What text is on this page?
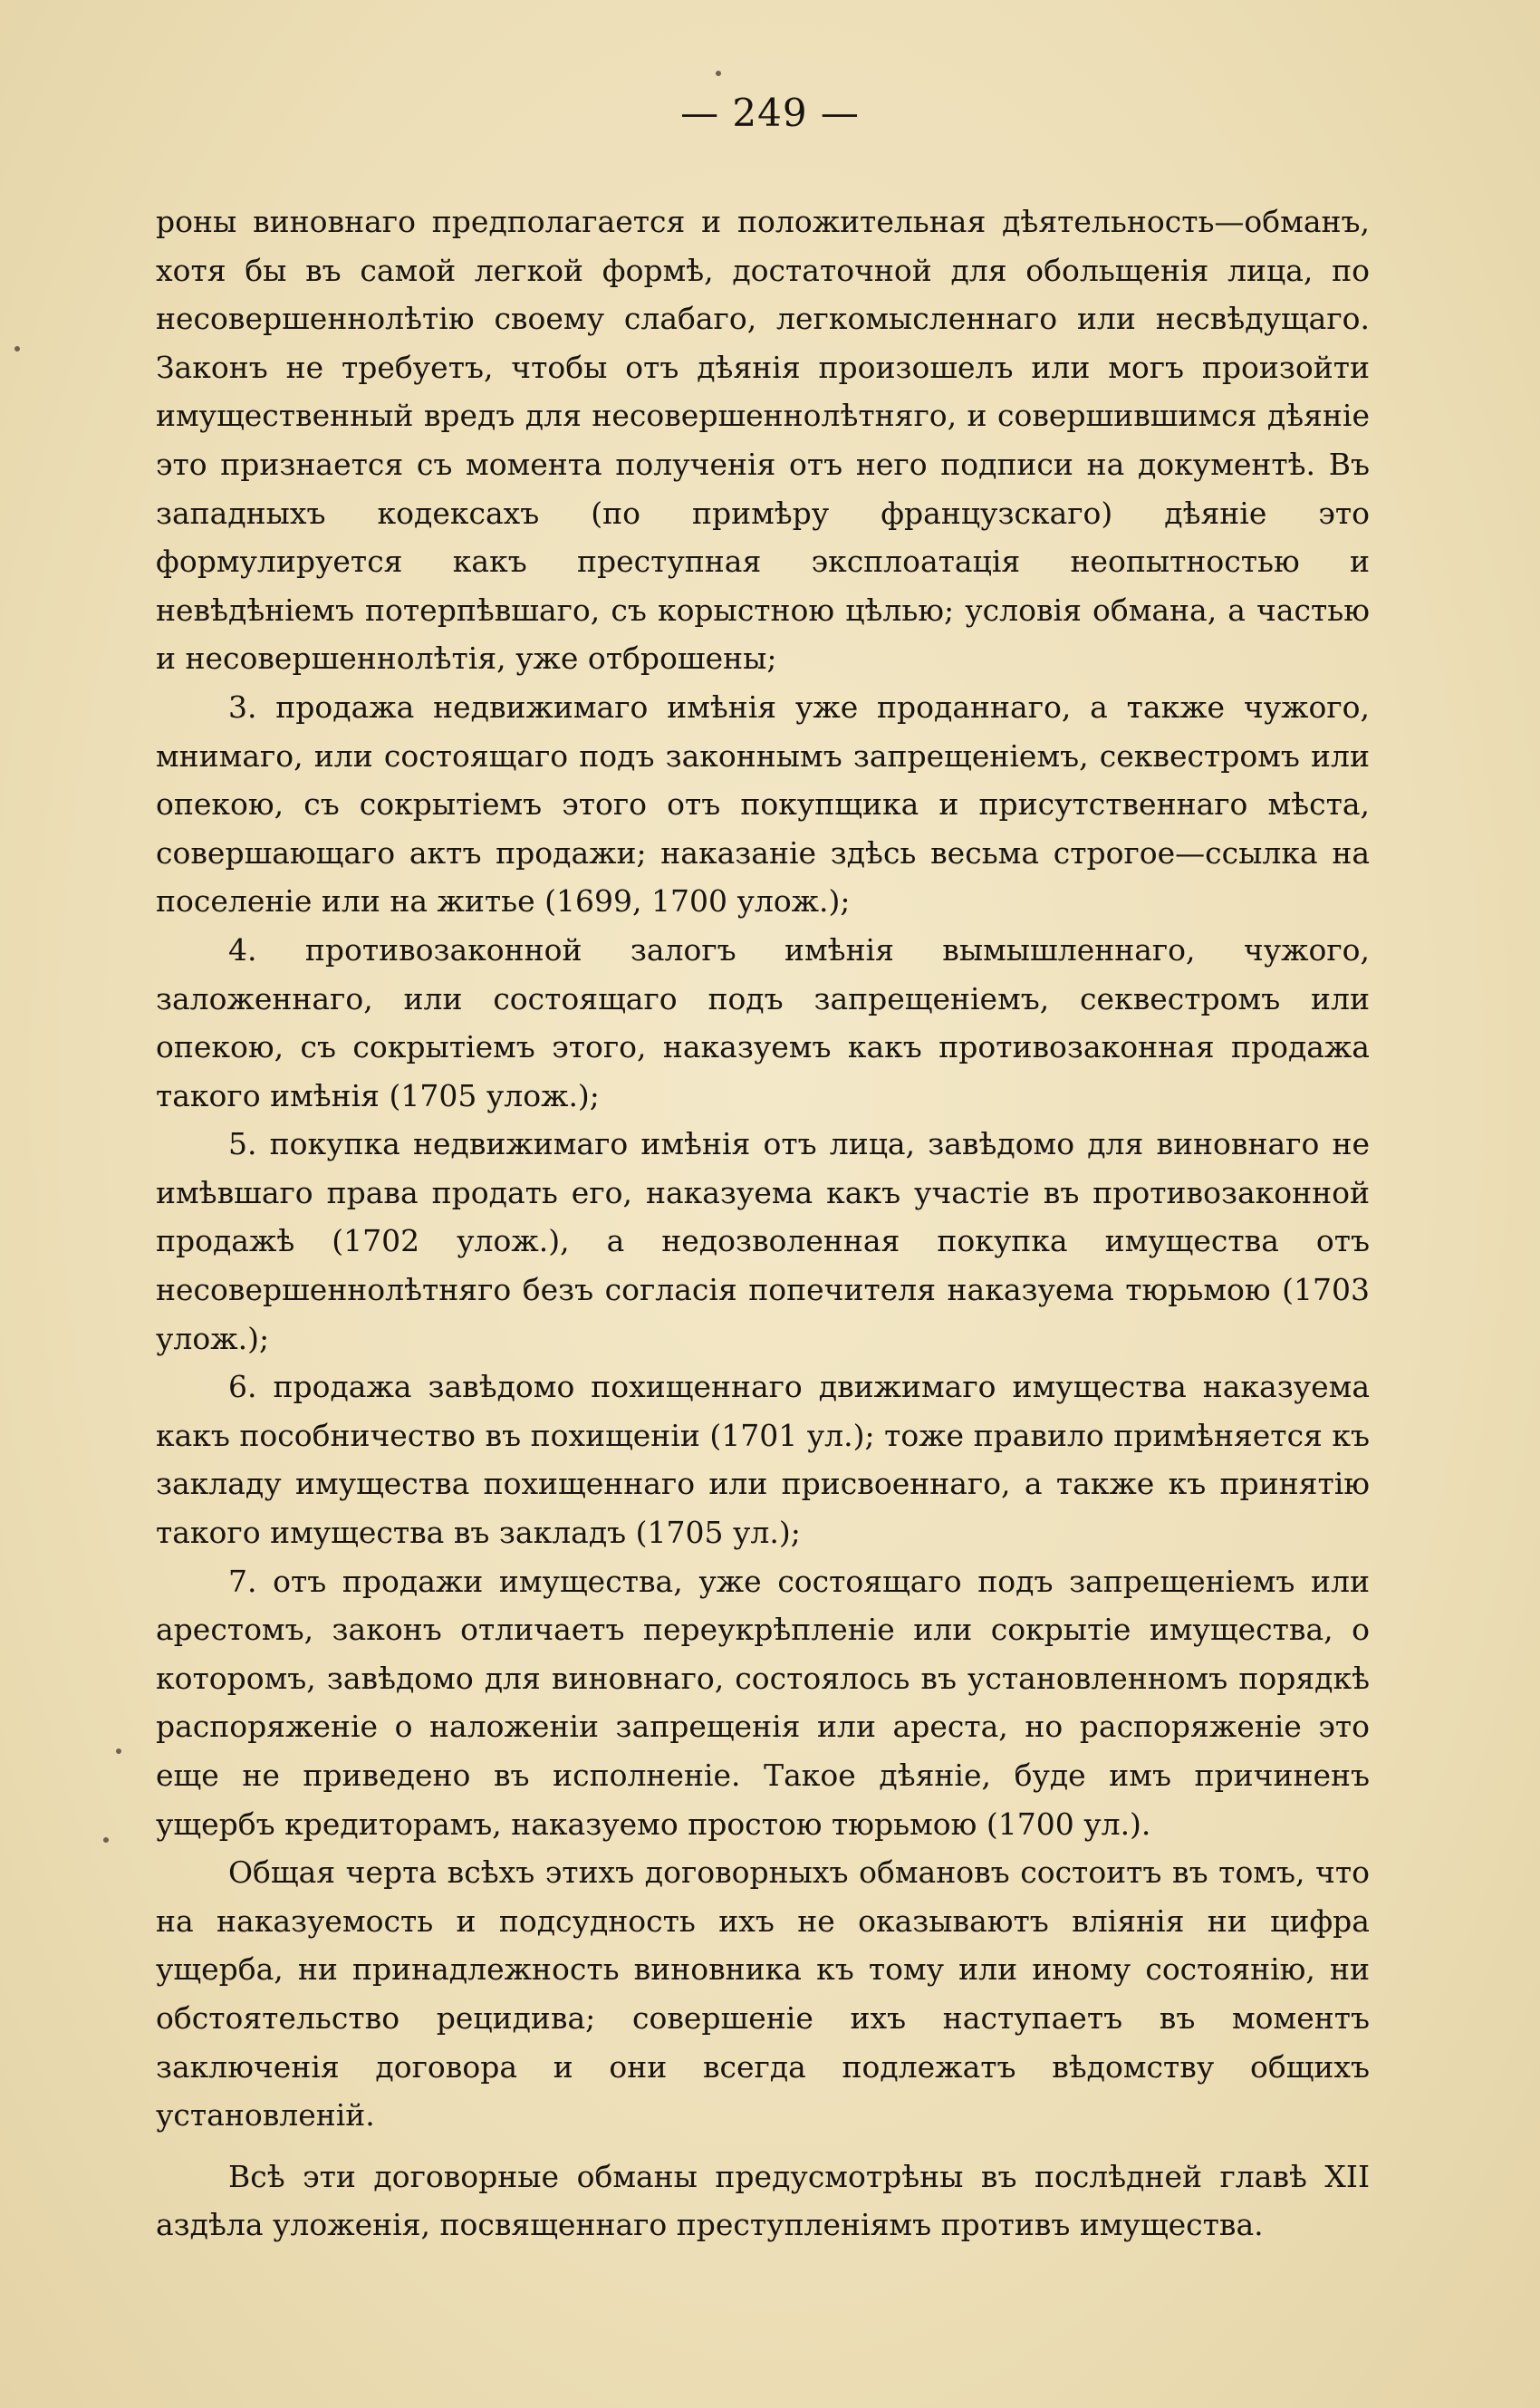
— 249 —

роны виновнаго предполагается и положительная дѣятельность—обманъ, хотя бы въ самой легкой формѣ, достаточной для обольщенія лица, по несовершеннолѣтію своему слабаго, легкомысленнаго или несвѣдущаго. Законъ не требуетъ, чтобы отъ дѣянія произошелъ или могъ произойти имущественный вредъ для несовершеннолѣтняго, и совершившимся дѣяніе это признается съ момента полученія отъ него подписи на документѣ. Въ западныхъ кодексахъ (по примѣру французскаго) дѣяніе это формулируется какъ преступная эксплоатація неопытностью и невѣдѣніемъ потерпѣвшаго, съ корыстною цѣлью; условія обмана, а частью и несовершеннолѣтія, уже отброшены;

3. продажа недвижимаго имѣнія уже проданнаго, а также чужого, мнимаго, или состоящаго подъ законнымъ запрещеніемъ, секвестромъ или опекою, съ сокрытіемъ этого отъ покупщика и присутственнаго мѣста, совершающаго актъ продажи; наказаніе здѣсь весьма строгое—ссылка на поселеніе или на житье (1699, 1700 улож.);

4. противозаконной залогъ имѣнія вымышленнаго, чужого, заложеннаго, или состоящаго подъ запрещеніемъ, секвестромъ или опекою, съ сокрытіемъ этого, наказуемъ какъ противозаконная продажа такого имѣнія (1705 улож.);

5. покупка недвижимаго имѣнія отъ лица, завѣдомо для виновнаго не имѣвшаго права продать его, наказуема какъ участіе въ противозаконной продажѣ (1702 улож.), а недозволенная покупка имущества отъ несовершеннолѣтняго безъ согласія попечителя наказуема тюрьмою (1703 улож.);

6. продажа завѣдомо похищеннаго движимаго имущества наказуема какъ пособничество въ похищеніи (1701 ул.); тоже правило примѣняется къ закладу имущества похищеннаго или присвоеннаго, а также къ принятію такого имущества въ закладъ (1705 ул.);

7. отъ продажи имущества, уже состоящаго подъ запрещеніемъ или арестомъ, законъ отличаетъ переукрѣпленіе или сокрытіе имущества, о которомъ, завѣдомо для виновнаго, состоялось въ установленномъ порядкѣ распоряженіе о наложеніи запрещенія или ареста, но распоряженіе это еще не приведено въ исполненіе. Такое дѣяніе, буде имъ причиненъ ущербъ кредиторамъ, наказуемо простою тюрьмою (1700 ул.).

Общая черта всѣхъ этихъ договорныхъ обмановъ состоитъ въ томъ, что на наказуемость и подсудность ихъ не оказываютъ вліянія ни цифра ущерба, ни принадлежность виновника къ тому или иному состоянію, ни обстоятельство рецидива; совершеніе ихъ наступаетъ въ моментъ заключенія договора и они всегда подлежатъ вѣдомству общихъ установленій.

Всѣ эти договорные обманы предусмотрѣны въ послѣдней главѣ XII аздѣла уложенія, посвященнаго преступленіямъ противъ имущества.
